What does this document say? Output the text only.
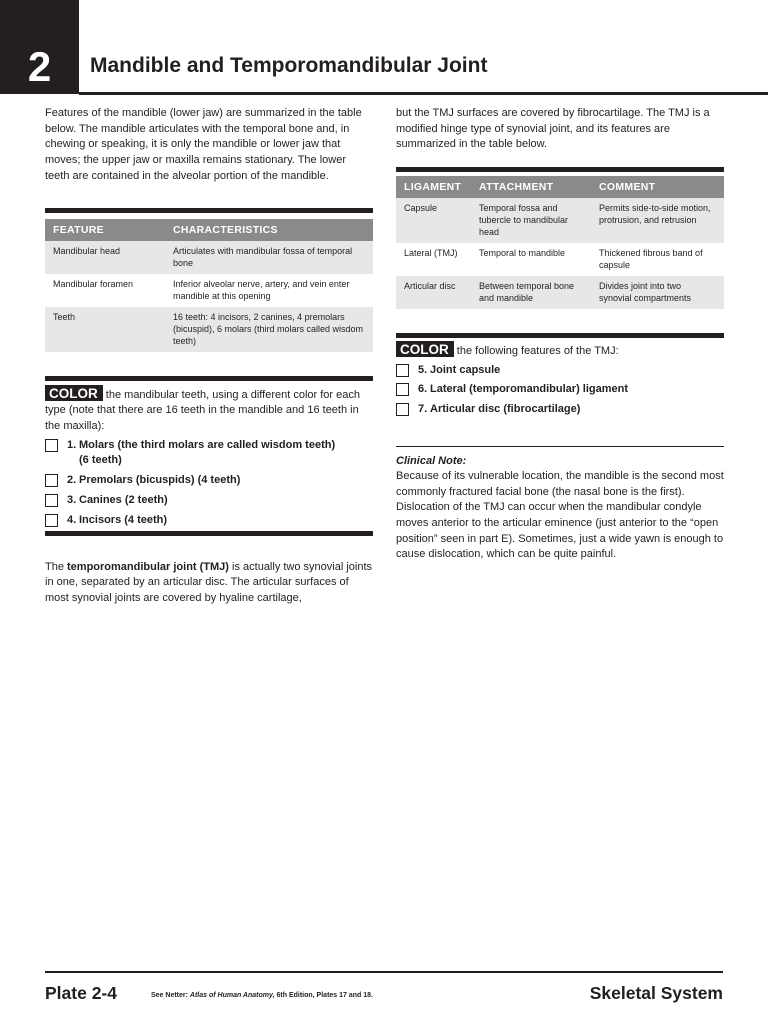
2	Mandible and Temporomandibular Joint

Features of the mandible (lower jaw) are summarized in the table below. The mandible articulates with the temporal bone and, in chewing or speaking, it is only the mandible or lower jaw that moves; the upper jaw or maxilla remains stationary. The lower teeth are contained in the alveolar portion of the mandible.

FEATURE	CHARACTERISTICS
Mandibular head	Articulates with mandibular fossa of temporal bone
Mandibular foramen	Inferior alveolar nerve, artery, and vein enter mandible at this opening
Teeth	16 teeth: 4 incisors, 2 canines, 4 premolars (bicuspid), 6 molars (third molars called wisdom teeth)

COLOR the mandibular teeth, using a different color for each type (note that there are 16 teeth in the mandible and 16 teeth in the maxilla):

1. Molars (the third molars are called wisdom teeth)
(6 teeth)
2. Premolars (bicuspids) (4 teeth)
3. Canines (2 teeth)
4. Incisors (4 teeth)

The temporomandibular joint (TMJ) is actually two synovial joints in one, separated by an articular disc. The articular surfaces of most synovial joints are covered by hyaline cartilage,

but the TMJ surfaces are covered by fibrocartilage. The TMJ is a modified hinge type of synovial joint, and its features are summarized in the table below.

LIGAMENT	ATTACHMENT	COMMENT
Capsule	Temporal fossa and tubercle to mandibular head	Permits side-to-side motion, protrusion, and retrusion
Lateral (TMJ)	Temporal to mandible	Thickened fibrous band of capsule
Articular disc	Between temporal bone and mandible	Divides joint into two synovial compartments

COLOR the following features of the TMJ:

5. Joint capsule
6. Lateral (temporomandibular) ligament
7. Articular disc (fibrocartilage)

Clinical Note:

Because of its vulnerable location, the mandible is the second most commonly fractured facial bone (the nasal bone is the first). Dislocation of the TMJ can occur when the mandibular condyle moves anterior to the articular eminence (just anterior to the “open position” seen in part E). Sometimes, just a wide yawn is enough to cause dislocation, which can be quite painful.

Plate 2-4	See Netter: Atlas of Human Anatomy, 6th Edition, Plates 17 and 18.	Skeletal System
